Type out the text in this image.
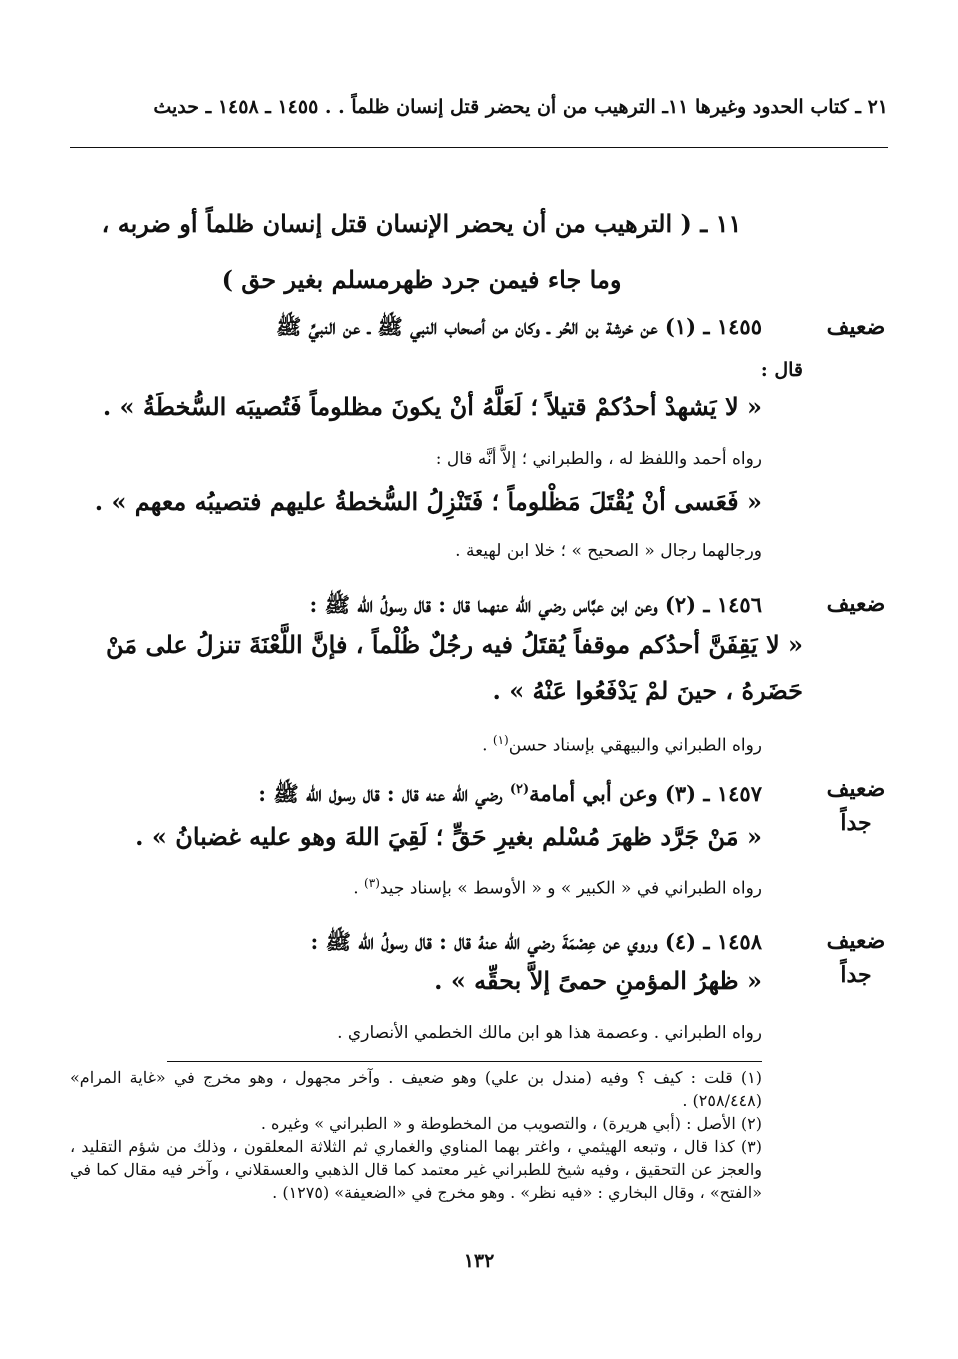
٢١ ـ كتاب الحدود وغيرها ١١ـ الترهيب من أن يحضر قتل إنسان ظلماً . . ١٤٥٥ ـ ١٤٥٨ ـ حديث
١١ ـ ( الترهيب من أن يحضر الإنسان قتل إنسان ظلماً أو ضربه ،
وما جاء فيمن جرد ظهرمسلم بغير حق )
ضعيف
١٤٥٥ ـ (١) عن خرشة بن الحُر ـ وكان من أصحاب النبي ﷺ ـ عن النبيِّ ﷺ
قال :
« لا يَشهدْ أحدُكمْ قتيلاً ؛ لَعَلَّهُ أنْ يكونَ مظلوماً فَتُصيبَه السُّخطَةُ » .
رواه أحمد واللفظ له ، والطبراني ؛ إلاَّ أنَّه قال :
« فَعَسى أنْ يُقْتَلَ مَظْلوماً ؛ فَتَنْزِلُ السُّخطةُ عليهم فتصيبُه معهم » .
ورجالهما رجال « الصحيح » ؛ خلا ابن لهيعة .
ضعيف
١٤٥٦ ـ (٢) وعن ابن عبَّاس رضي الله عنهما قال : قال رسولُ الله ﷺ :
« لا يَقِفَنَّ أحدُكم موقفاً يُقتَلُ فيه رجُلٌ ظُلْماً ، فإنَّ اللَّعْنَةَ تنزلُ على مَنْ
حَضَرهُ ، حينَ لمْ يَدْفَعُوا عَنْهُ » .
رواه الطبراني والبيهقي بإسناد حسن$^{(١)}$ .
ضعيف
جداً
١٤٥٧ ـ (٣) وعن أبي أمامة$^{(٢)}$ رضي الله عنه قال : قال رسول الله ﷺ :
« مَنْ جَرَّد ظهرَ مُسْلم بغيرِ حَقٍّ ؛ لَقِيَ اللهَ وهو عليه غضبانُ » .
رواه الطبراني في « الكبير » و « الأوسط » بإسناد جيد$^{(٣)}$ .
ضعيف
جداً
١٤٥٨ ـ (٤) وروي عن عِصْمَةَ رضي الله عنهُ قال : قال رسولُ الله ﷺ :
« ظهرُ المؤمنِ حمىً إلاَّ بحقِّه » .
رواه الطبراني . وعصمة هذا هو ابن مالك الخطمي الأنصاري .

(١) قلت : كيف ؟ وفيه (مندل بن علي) وهو ضعيف . وآخر مجهول ، وهو مخرج في «غاية المرام» (٢٥٨/٤٤٨) .

(٢) الأصل : (أبي هريرة) ، والتصويب من المخطوطة و « الطبراني » وغيره .

(٣) كذا قال ، وتبعه الهيثمي ، واغتر بهما المناوي والغماري ثم الثلاثة المعلقون ، وذلك من شؤم التقليد ، والعجز عن التحقيق ، وفيه شيخ للطبراني غير معتمد كما قال الذهبي والعسقلاني ، وآخر فيه مقال كما في «الفتح» ، وقال البخاري : «فيه نظر» . وهو مخرج في «الضعيفة» (١٢٧٥) .

١٣٢
